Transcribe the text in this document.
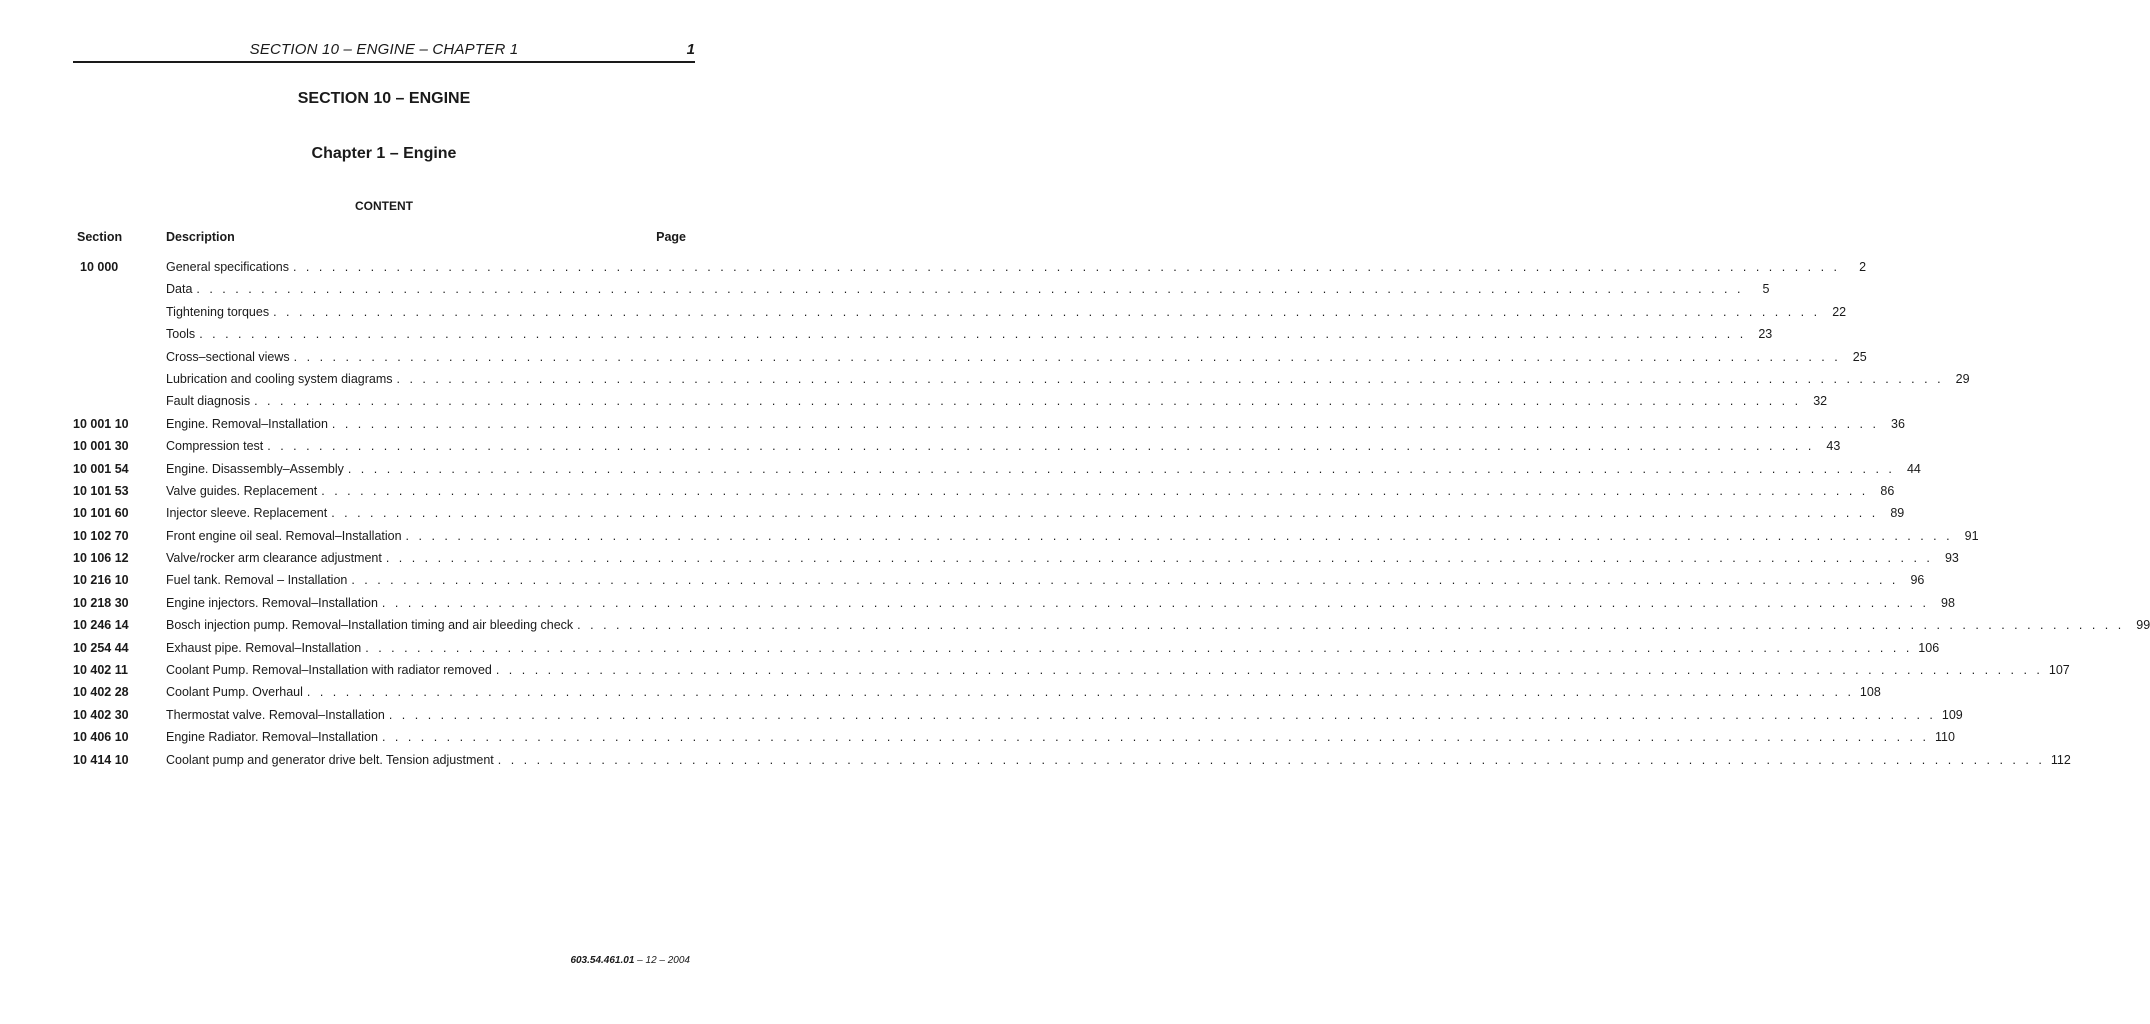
SECTION 10 – ENGINE – CHAPTER 1	1
SECTION 10 – ENGINE
Chapter 1 – Engine
CONTENT
Section	Description	Page
10 000	General specifications . . . . . . . . . . . . . . . . . . . . . . . . . . . . . . . . . . . . . . . . . . . . . . . . . . . . . . . . . . . . . . . . . . . . . . . . . . . . . . . . . . . . . . . . . . . . . . . . . . . . . . . . . . . . . . . . . . . . . . . .	2
Data . . . . . . . . . . . . . . . . . . . . . . . . . . . . . . . . . . . . . . . . . . . . . . . . . . . . . . . . . . . . . . . . . . . . . . . . . . . . . . . . . . . . . . . . . . . . . . . . . . . . . . . . . . . . . . . . . . . . . . . .	5
Tightening torques . . . . . . . . . . . . . . . . . . . . . . . . . . . . . . . . . . . . . . . . . . . . . . . . . . . . . . . . . . . . . . . . . . . . . . . . . . . . . . . . . . . . . . . . . . . . . . . . . . . . . . . . . . . . . . . . . . . . . . . . 22
Tools . . . . . . . . . . . . . . . . . . . . . . . . . . . . . . . . . . . . . . . . . . . . . . . . . . . . . . . . . . . . . . . . . . . . . . . . . . . . . . . . . . . . . . . . . . . . . . . . . . . . . . . . . . . . . . . . . . . . . . . . 23
Cross–sectional views . . . . . . . . . . . . . . . . . . . . . . . . . . . . . . . . . . . . . . . . . . . . . . . . . . . . . . . . . . . . . . . . . . . . . . . . . . . . . . . . . . . . . . . . . . . . . . . . . . . . . . . . . . . . . . . . . . . . . . . . 25
Lubrication and cooling system diagrams . . . . . . . . . . . . . . . . . . . . . . . . . . . . . . . . . . . . . . . . . . . . . . . . . . . . . . . . . . . . . . . . . . . . . . . . . . . . . . . . . . . . . . . . . . . . . . . . . . . . . . . . . . . . . . . . . . . . . . . . 29
Fault diagnosis . . . . . . . . . . . . . . . . . . . . . . . . . . . . . . . . . . . . . . . . . . . . . . . . . . . . . . . . . . . . . . . . . . . . . . . . . . . . . . . . . . . . . . . . . . . . . . . . . . . . . . . . . . . . . . . . . . . . . . . . 32
10 001 10	Engine. Removal–Installation . . . . . . . . . . . . . . . . . . . . . . . . . . . . . . . . . . . . . . . . . . . . . . . . . . . . . . . . . . . . . . . . . . . . . . . . . . . . . . . . . . . . . . . . . . . . . . . . . . . . . . . . . . . . . . . . . . . . . . . . 36
10 001 30	Compression test . . . . . . . . . . . . . . . . . . . . . . . . . . . . . . . . . . . . . . . . . . . . . . . . . . . . . . . . . . . . . . . . . . . . . . . . . . . . . . . . . . . . . . . . . . . . . . . . . . . . . . . . . . . . . . . . . . . . . . . . 43
10 001 54	Engine. Disassembly–Assembly . . . . . . . . . . . . . . . . . . . . . . . . . . . . . . . . . . . . . . . . . . . . . . . . . . . . . . . . . . . . . . . . . . . . . . . . . . . . . . . . . . . . . . . . . . . . . . . . . . . . . . . . . . . . . . . . . . . . . . . . 44
10 101 53	Valve guides. Replacement . . . . . . . . . . . . . . . . . . . . . . . . . . . . . . . . . . . . . . . . . . . . . . . . . . . . . . . . . . . . . . . . . . . . . . . . . . . . . . . . . . . . . . . . . . . . . . . . . . . . . . . . . . . . . . . . . . . . . . . . 86
10 101 60	Injector sleeve. Replacement . . . . . . . . . . . . . . . . . . . . . . . . . . . . . . . . . . . . . . . . . . . . . . . . . . . . . . . . . . . . . . . . . . . . . . . . . . . . . . . . . . . . . . . . . . . . . . . . . . . . . . . . . . . . . . . . . . . . . . . . 89
10 102 70	Front engine oil seal. Removal–Installation . . . . . . . . . . . . . . . . . . . . . . . . . . . . . . . . . . . . . . . . . . . . . . . . . . . . . . . . . . . . . . . . . . . . . . . . . . . . . . . . . . . . . . . . . . . . . . . . . . . . . . . . . . . . . . . . . . . . . . . . 91
10 106 12	Valve/rocker arm clearance adjustment . . . . . . . . . . . . . . . . . . . . . . . . . . . . . . . . . . . . . . . . . . . . . . . . . . . . . . . . . . . . . . . . . . . . . . . . . . . . . . . . . . . . . . . . . . . . . . . . . . . . . . . . . . . . . . . . . . . . . . . . 93
10 216 10	Fuel tank. Removal – Installation . . . . . . . . . . . . . . . . . . . . . . . . . . . . . . . . . . . . . . . . . . . . . . . . . . . . . . . . . . . . . . . . . . . . . . . . . . . . . . . . . . . . . . . . . . . . . . . . . . . . . . . . . . . . . . . . . . . . . . . . 96
10 218 30	Engine injectors. Removal–Installation . . . . . . . . . . . . . . . . . . . . . . . . . . . . . . . . . . . . . . . . . . . . . . . . . . . . . . . . . . . . . . . . . . . . . . . . . . . . . . . . . . . . . . . . . . . . . . . . . . . . . . . . . . . . . . . . . . . . . . . . 98
10 246 14	Bosch injection pump. Removal–Installation timing and air bleeding check . . . . . . . . . . . . . . . . . . . . . . . . . . . . . . . . . . . . . . . . . . . . . . . . . . . . . . . . . . . . . . . . . . . . . . . . . . . . . . . . . . . . . . . . . . . . . . . . . . . . . . . . . . . . . . . . . . . . . . . . 99
10 254 44	Exhaust pipe. Removal–Installation . . . . . . . . . . . . . . . . . . . . . . . . . . . . . . . . . . . . . . . . . . . . . . . . . . . . . . . . . . . . . . . . . . . . . . . . . . . . . . . . . . . . . . . . . . . . . . . . . . . . . . . . . . . . . . . . . . . . . . . . 106
10 402 11	Coolant Pump. Removal–Installation with radiator removed . . . . . . . . . . . . . . . . . . . . . . . . . . . . . . . . . . . . . . . . . . . . . . . . . . . . . . . . . . . . . . . . . . . . . . . . . . . . . . . . . . . . . . . . . . . . . . . . . . . . . . . . . . . . . . . . . . . . . . . . 107
10 402 28	Coolant Pump. Overhaul . . . . . . . . . . . . . . . . . . . . . . . . . . . . . . . . . . . . . . . . . . . . . . . . . . . . . . . . . . . . . . . . . . . . . . . . . . . . . . . . . . . . . . . . . . . . . . . . . . . . . . . . . . . . . . . . . . . . . . . . 108
10 402 30	Thermostat valve. Removal–Installation . . . . . . . . . . . . . . . . . . . . . . . . . . . . . . . . . . . . . . . . . . . . . . . . . . . . . . . . . . . . . . . . . . . . . . . . . . . . . . . . . . . . . . . . . . . . . . . . . . . . . . . . . . . . . . . . . . . . . . . . 109
10 406 10	Engine Radiator. Removal–Installation . . . . . . . . . . . . . . . . . . . . . . . . . . . . . . . . . . . . . . . . . . . . . . . . . . . . . . . . . . . . . . . . . . . . . . . . . . . . . . . . . . . . . . . . . . . . . . . . . . . . . . . . . . . . . . . . . . . . . . . . 110
10 414 10	Coolant pump and generator drive belt. Tension adjustment . . . . . . . . . . . . . . . . . . . . . . . . . . . . . . . . . . . . . . . . . . . . . . . . . . . . . . . . . . . . . . . . . . . . . . . . . . . . . . . . . . . . . . . . . . . . . . . . . . . . . . . . . . . . . . . . . . . . . . . . 112
603.54.461.01 – 12 – 2004
